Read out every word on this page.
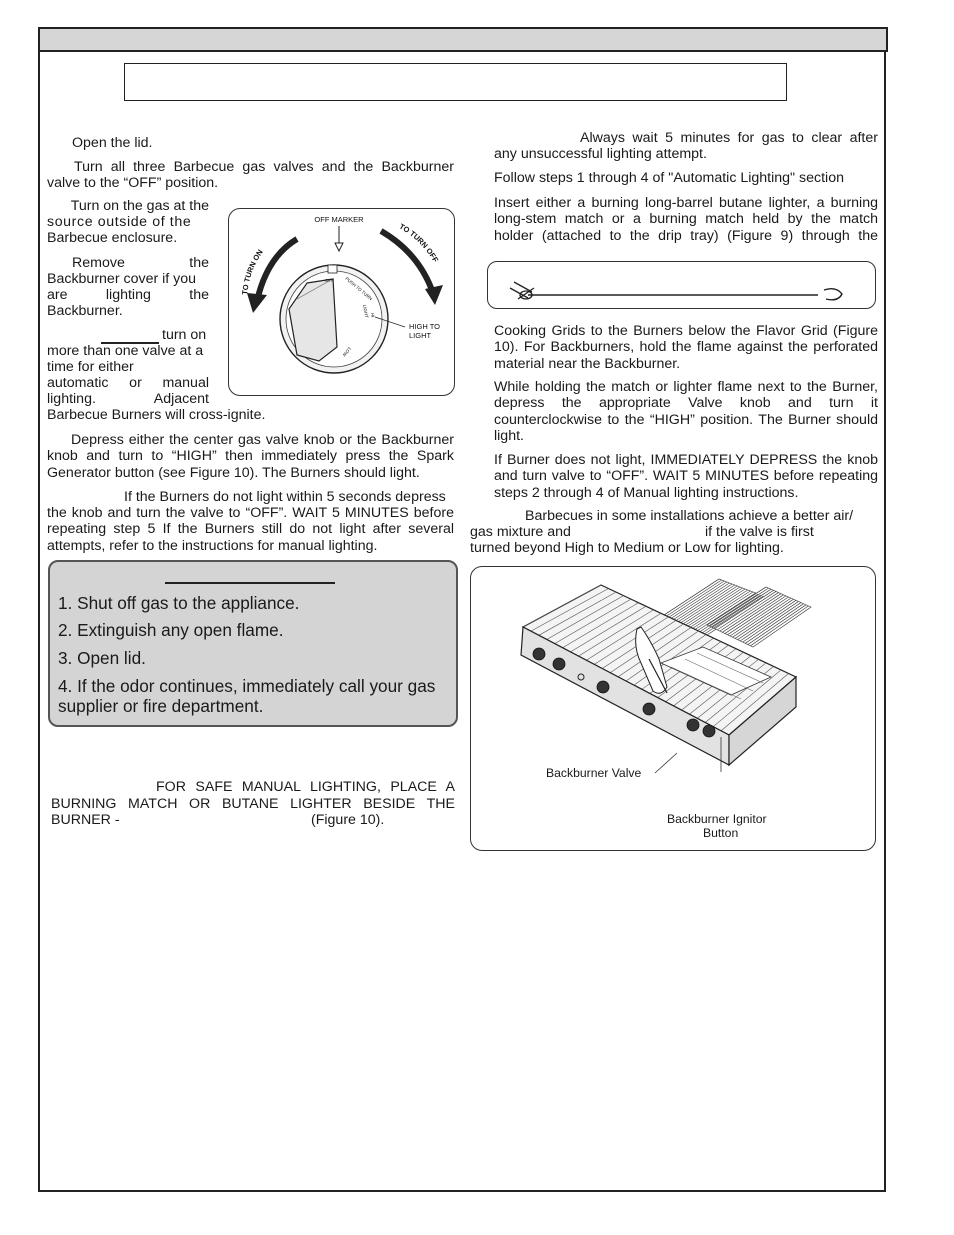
Open the lid.

Turn all three Barbecue gas valves and the Backburner valve to the “OFF” position.

Turn on the gas at the

source outside of the

Barbecue enclosure.

Remove the

Backburner cover if you

are lighting the

Backburner.

turn on

more than one valve at a

time for either

automatic or manual

lighting. Adjacent

Barbecue Burners will cross-ignite.

Depress either the center gas valve knob or the Backburner knob and turn to “HIGH” then immediately press the Spark Generator button (see Figure 10). The Burners should light.

If the Burners do not light within 5 seconds depress

the knob and turn the valve to “OFF”. WAIT 5 MINUTES before repeating step 5 If the Burners still do not light after several attempts, refer to the instructions for manual lighting.

TO TURN ON
TO TURN OFF
OFF MARKER
OFF PUSH TO TURN
LIGHT HI
LOW
HIGH TO
LIGHT

1. Shut off gas to the appliance.

2. Extinguish any open flame.

3. Open lid.

4. If the odor continues, immediately call your gas supplier or fire department.

FOR SAFE MANUAL LIGHTING, PLACE A

BURNING MATCH OR BUTANE LIGHTER BESIDE THE

BURNER -	(Figure 10).

Always wait 5 minutes for gas to clear after

any unsuccessful lighting attempt.

Follow steps 1 through 4 of "Automatic Lighting" section

Insert either a burning long-barrel butane lighter, a burning long-stem match or a burning match held by the match holder (attached to the drip tray) (Figure 9) through the

Cooking Grids to the Burners below the Flavor Grid (Figure 10). For Backburners, hold the flame against the perforated material near the Backburner.

While holding the match or lighter flame next to the Burner, depress the appropriate Valve knob and turn it counterclockwise to the “HIGH” position. The Burner should light.

If Burner does not light, IMMEDIATELY DEPRESS the knob and turn valve to “OFF”. WAIT 5 MINUTES before repeating steps 2 through 4 of Manual lighting instructions.

Barbecues in some installations achieve a better air/

gas mixture and	if the valve is first

turned beyond High to Medium or Low for lighting.

Backburner Valve

Backburner Ignitor

Button
